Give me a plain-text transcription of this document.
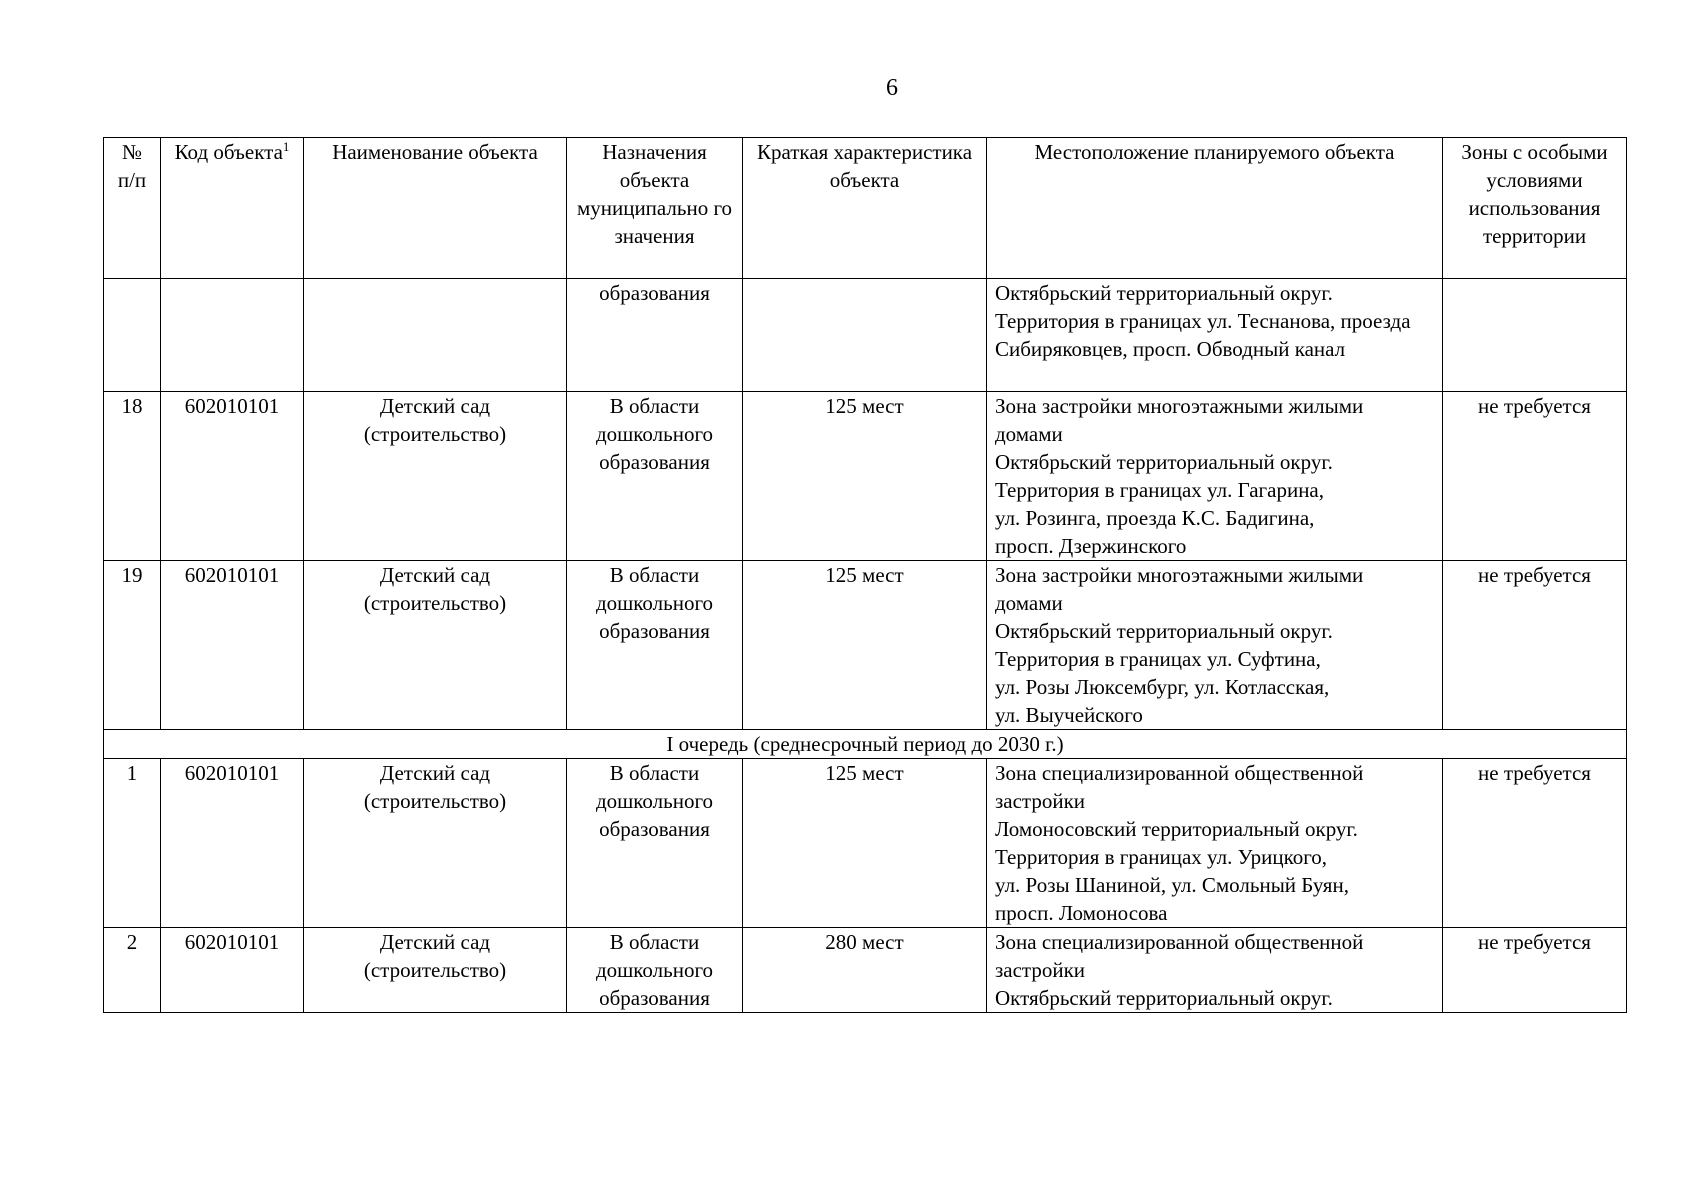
6
№ п/п	Код объекта$^1$	Наименование объекта	Назначения объекта муниципально го значения	Краткая характеристика объекта	Местоположение планируемого объекта	Зоны с особыми условиями использования территории
			образования		Октябрьский территориальный округ. Территория в границах ул. Теснанова, проезда Сибиряковцев, просп. Обводный канал	
18	602010101	Детский сад (строительство)	В области дошкольного образования	125 мест	Зона застройки многоэтажными жилыми домами
Октябрьский территориальный округ.
Территория в границах ул. Гагарина,
ул. Розинга, проезда К.С. Бадигина,
просп. Дзержинского	не требуется
19	602010101	Детский сад (строительство)	В области дошкольного образования	125 мест	Зона застройки многоэтажными жилыми домами
Октябрьский территориальный округ.
Территория в границах ул. Суфтина,
ул. Розы Люксембург, ул. Котласская,
ул. Выучейского	не требуется
I очередь (среднесрочный период до 2030 г.)						
1	602010101	Детский сад (строительство)	В области дошкольного образования	125 мест	Зона специализированной общественной застройки
Ломоносовский территориальный округ.
Территория в границах ул. Урицкого,
ул. Розы Шаниной, ул. Смольный Буян,
просп. Ломоносова	не требуется
2	602010101	Детский сад (строительство)	В области дошкольного образования	280 мест	Зона специализированной общественной застройки
Октябрьский территориальный округ.	не требуется
